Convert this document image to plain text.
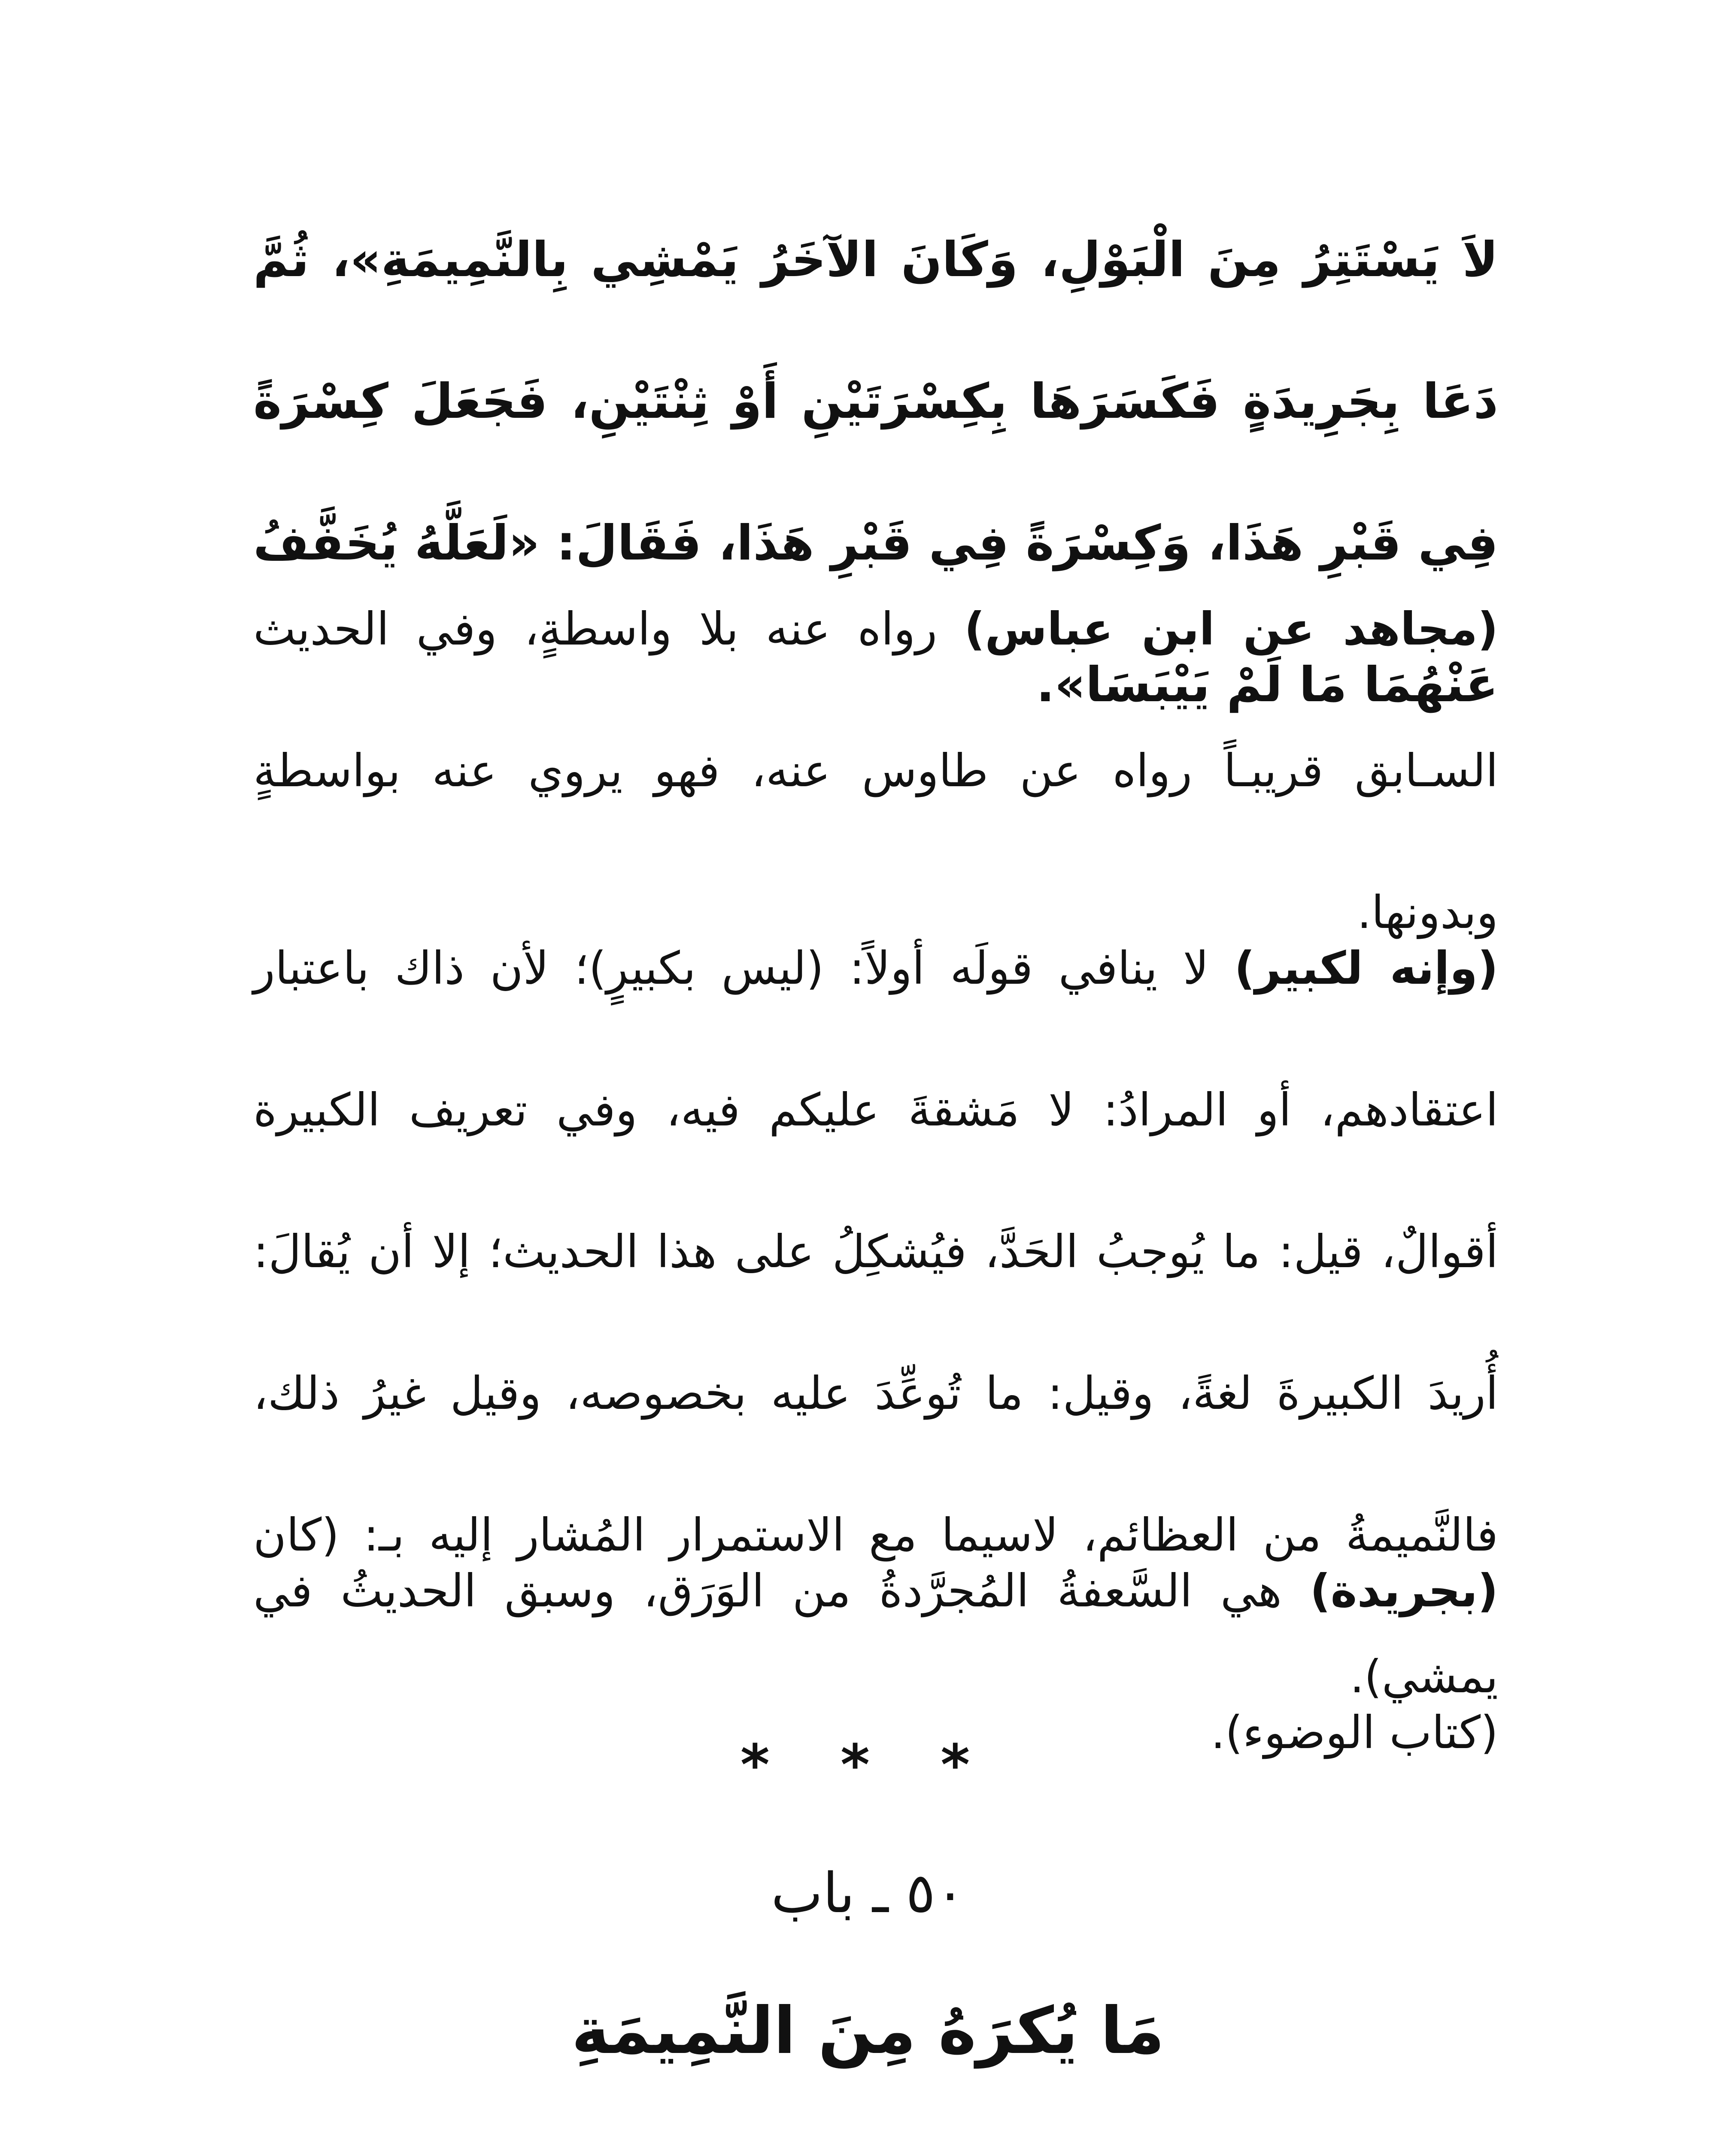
لاَ يَسْتَتِرُ مِنَ الْبَوْلِ، وَكَانَ الآخَرُ يَمْشِي بِالنَّمِيمَةِ»، ثُمَّ دَعَا بِجَرِيدَةٍ فَكَسَرَهَا بِكِسْرَتَيْنِ أَوْ ثِنْتَيْنِ، فَجَعَلَ كِسْرَةً فِي قَبْرِ هَذَا، وَكِسْرَةً فِي قَبْرِ هَذَا، فَقَالَ: «لَعَلَّهُ يُخَفَّفُ عَنْهُمَا مَا لَمْ يَيْبَسَا».

(مجاهد عن ابن عباس) رواه عنه بلا واسطةٍ، وفي الحديث السـابق قريبـاً رواه عن طاوس عنه، فهو يروي عنه بواسطةٍ وبدونها.

(وإنه لكبير) لا ينافي قولَه أولاً: (ليس بكبيرٍ)؛ لأن ذاك باعتبار اعتقادهم، أو المرادُ: لا مَشقةَ عليكم فيه، وفي تعريف الكبيرة أقوالٌ، قيل: ما يُوجبُ الحَدَّ، فيُشكِلُ على هذا الحديث؛ إلا أن يُقالَ: أُريدَ الكبيرةَ لغةً، وقيل: ما تُوعِّدَ عليه بخصوصه، وقيل غيرُ ذلك، فالنَّميمةُ من العظائم، لاسيما مع الاستمرار المُشار إليه بـ: (كان يمشي).

(بجريدة) هي السَّعفةُ المُجرَّدةُ من الوَرَق، وسبق الحديثُ في (كتاب الوضوء).

* * *
٥٠ ـ باب
مَا يُكرَهُ مِنَ النَّمِيمَةِ
